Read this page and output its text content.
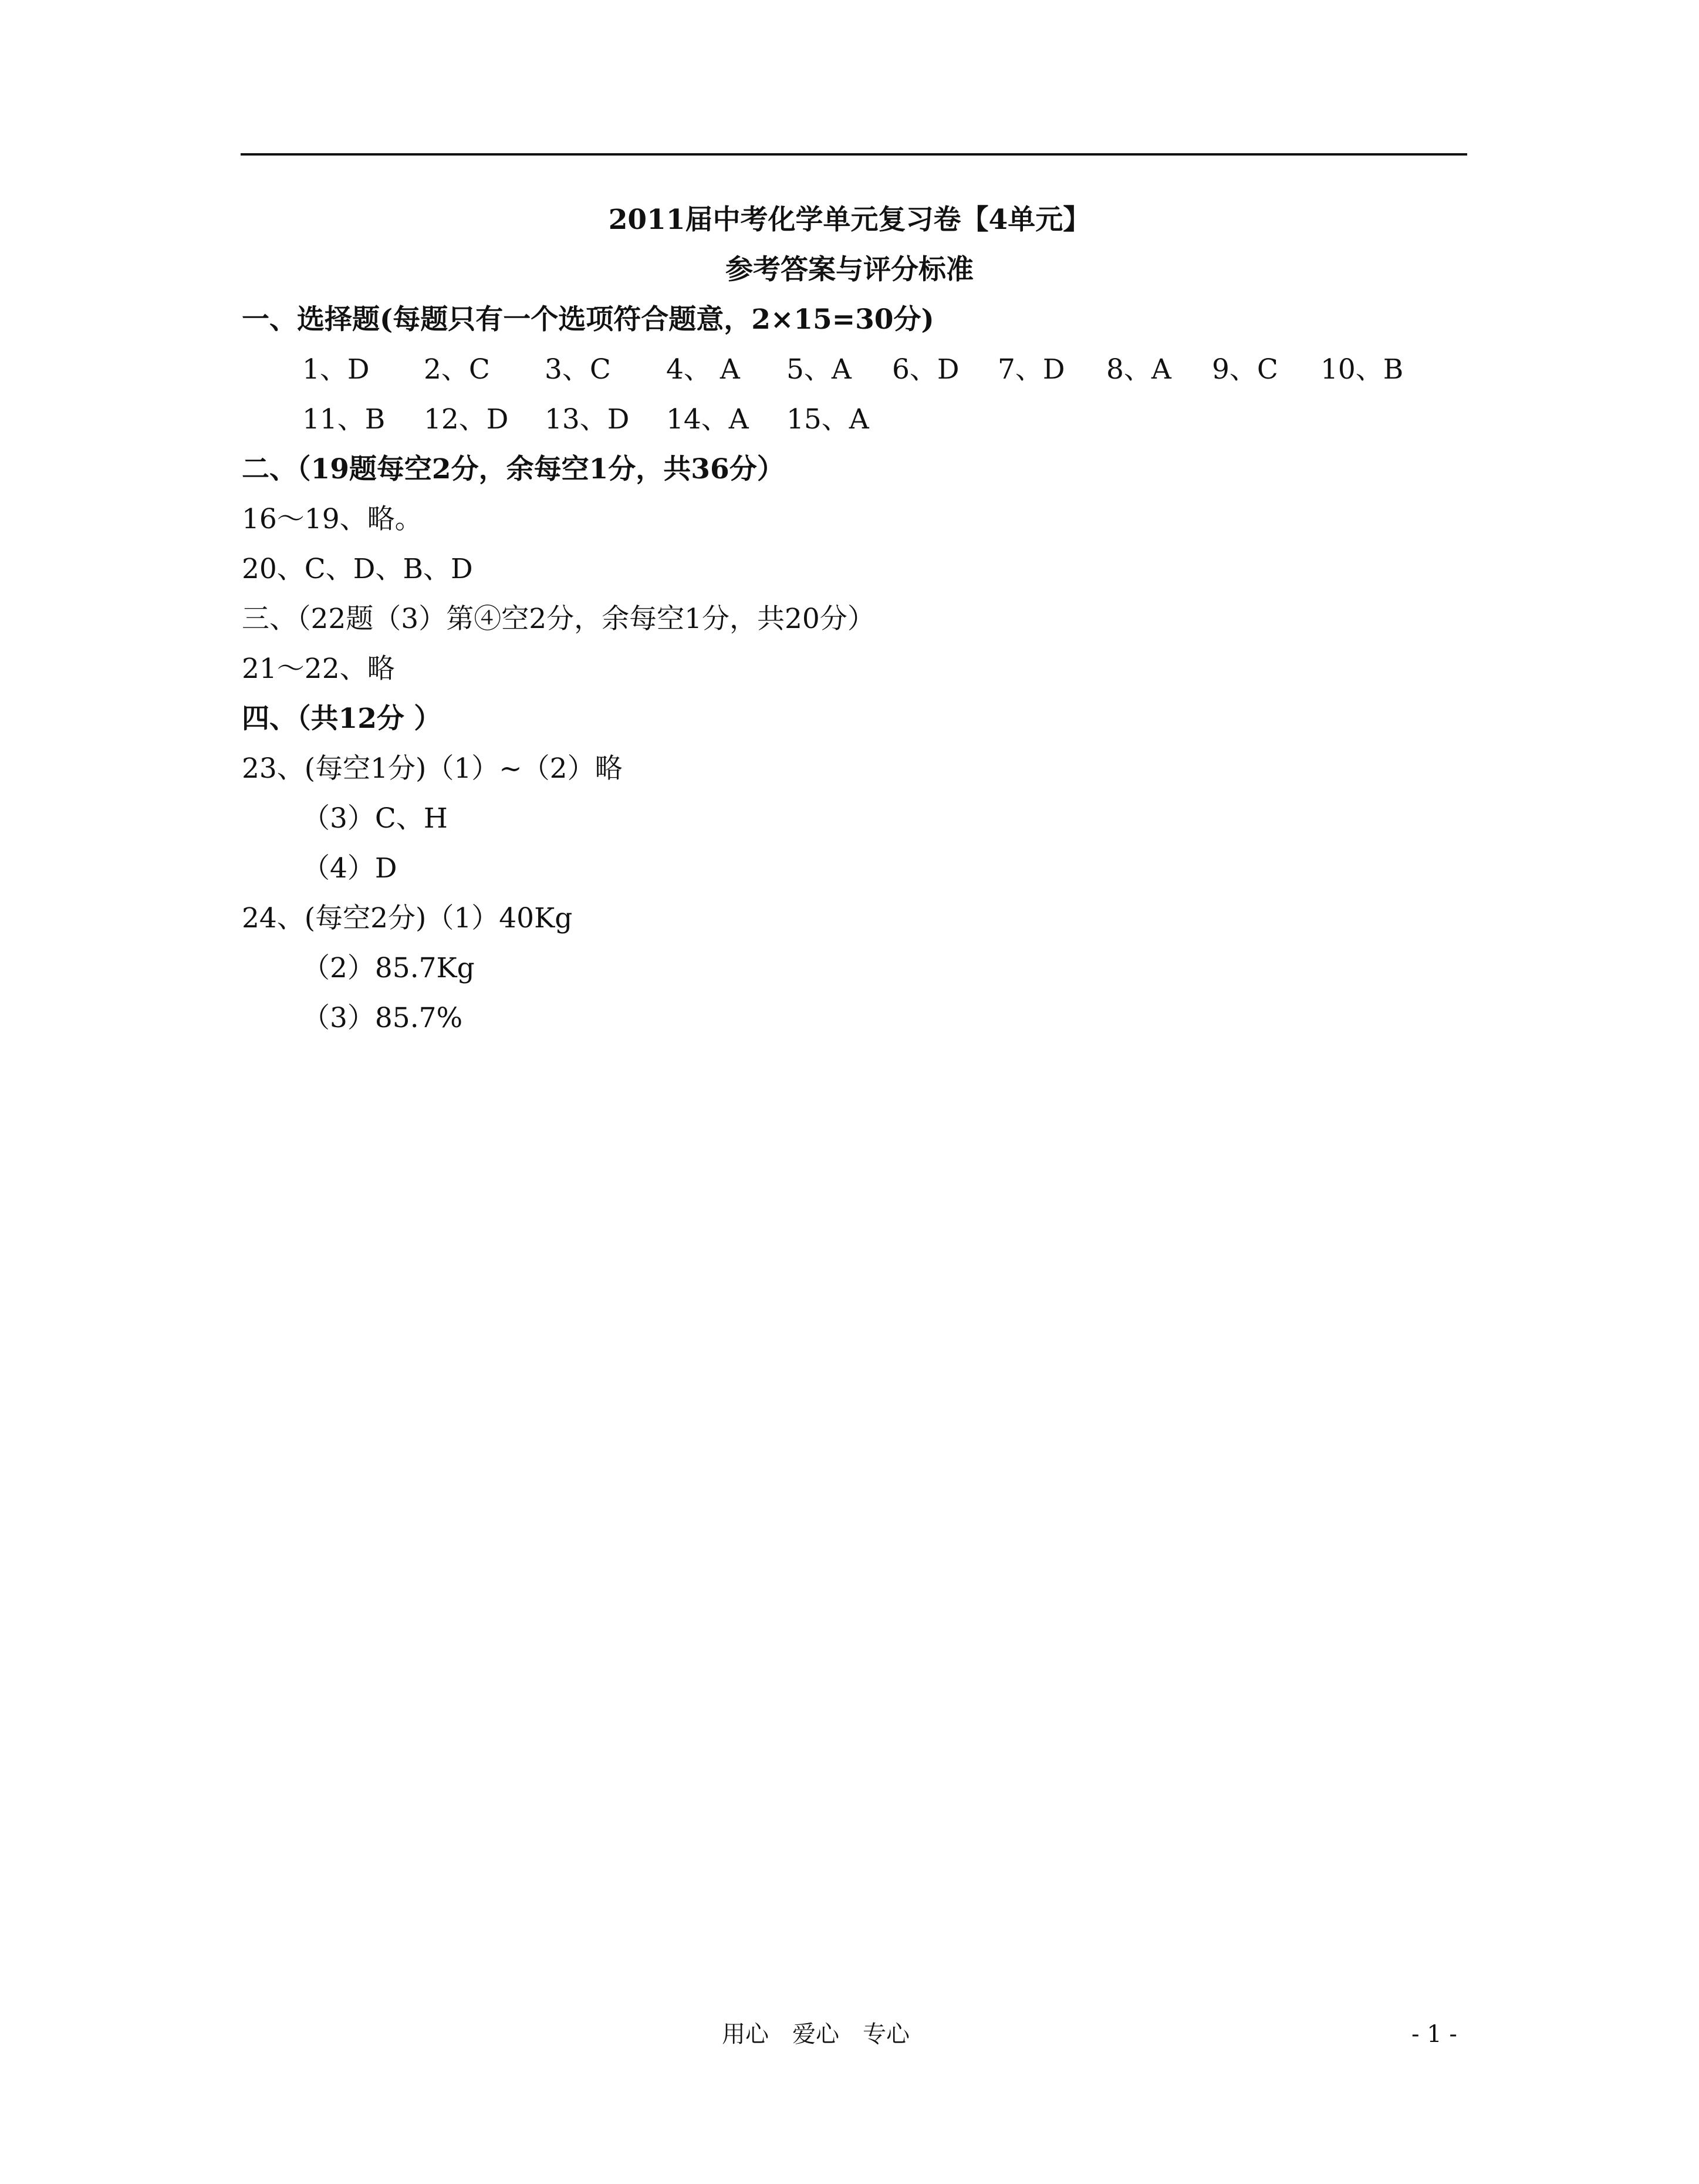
2011届中考化学单元复习卷【4单元】
参考答案与评分标准
一、选择题(每题只有一个选项符合题意，2×15=30分)
1、D 2、C 3、C 4、 A 5、A 6、D 7、D 8、A 9、C 10、B
11、B 12、D 13、D 14、A 15、A
二、（19题每空2分，余每空1分，共36分）
16～19、略。
20、C、D、B、D
三、（22题（3）第④空2分，余每空1分，共20分）
21～22、略
四、（共12分 ）
23、(每空1分)（1）~（2）略
（3）C、H
（4）D
24、(每空2分)（1）40Kg
（2）85.7Kg
（3）85.7%
用心　爱心　专心	- 1 -
